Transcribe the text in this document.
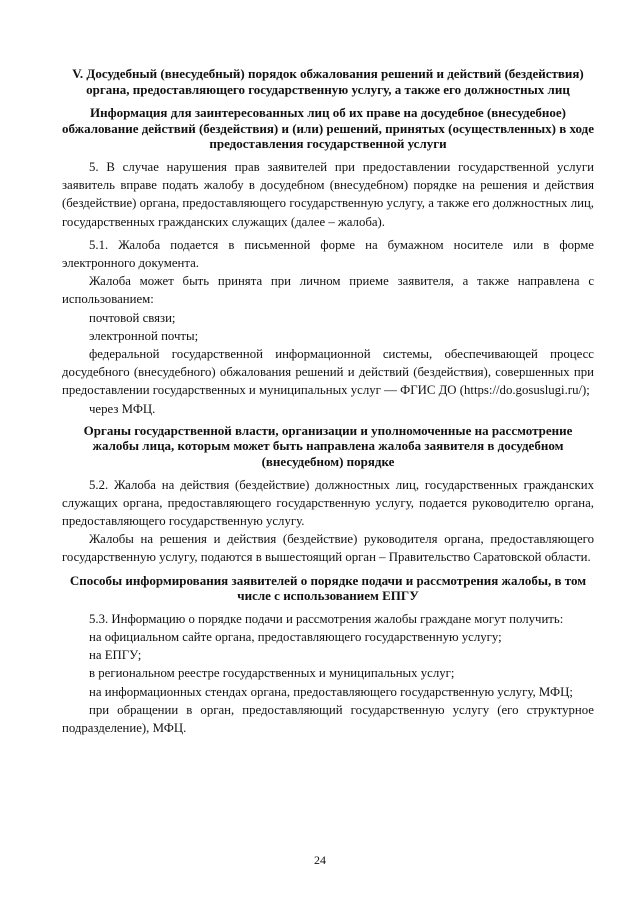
V. Досудебный (внесудебный) порядок обжалования решений и действий (бездействия) органа, предоставляющего государственную услугу, а также его должностных лиц

Информация для заинтересованных лиц об их праве на досудебное (внесудебное) обжалование действий (бездействия) и (или) решений, принятых (осуществленных) в ходе предоставления государственной услуги

5. В случае нарушения прав заявителей при предоставлении государственной услуги заявитель вправе подать жалобу в досудебном (внесудебном) порядке на решения и действия (бездействие) органа, предоставляющего государственную услугу, а также его должностных лиц, государственных гражданских служащих (далее – жалоба).

5.1. Жалоба подается в письменной форме на бумажном носителе или в форме электронного документа.

Жалоба может быть принята при личном приеме заявителя, а также направлена с использованием:

почтовой связи;

электронной почты;

федеральной государственной информационной системы, обеспечивающей процесс досудебного (внесудебного) обжалования решений и действий (бездействия), совершенных при предоставлении государственных и муниципальных услуг — ФГИС ДО (https://do.gosuslugi.ru/);

через МФЦ.

Органы государственной власти, организации и уполномоченные на рассмотрение жалобы лица, которым может быть направлена жалоба заявителя в досудебном (внесудебном) порядке

5.2. Жалоба на действия (бездействие) должностных лиц, государственных гражданских служащих органа, предоставляющего государственную услугу, подается руководителю органа, предоставляющего государственную услугу.

Жалобы на решения и действия (бездействие) руководителя органа, предоставляющего государственную услугу, подаются в вышестоящий орган – Правительство Саратовской области.

Способы информирования заявителей о порядке подачи и рассмотрения жалобы, в том числе с использованием ЕПГУ

5.3. Информацию о порядке подачи и рассмотрения жалобы граждане могут получить:

на официальном сайте органа, предоставляющего государственную услугу;

на ЕПГУ;

в региональном реестре государственных и муниципальных услуг;

на информационных стендах органа, предоставляющего государственную услугу, МФЦ;

при обращении в орган, предоставляющий государственную услугу (его структурное подразделение), МФЦ.

24
